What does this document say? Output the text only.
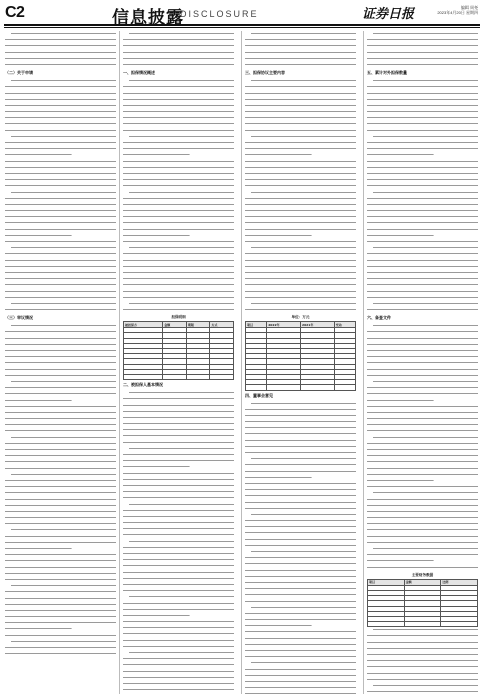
C2	信息披露
DISCLOSURE	证券日报	编辑 周尧
2023年4月20日 星期四
（二）关于申请
（三）审议情况
一、担保情况概述
担保明细
被担保方	金额	期限	方式

二、被担保人基本情况
三、担保协议主要内容
单位：万元
项目	2022年	2021年	变动

四、董事会意见
五、累计对外担保数量
六、备查文件
主要财务数据
项目	金额	比例
